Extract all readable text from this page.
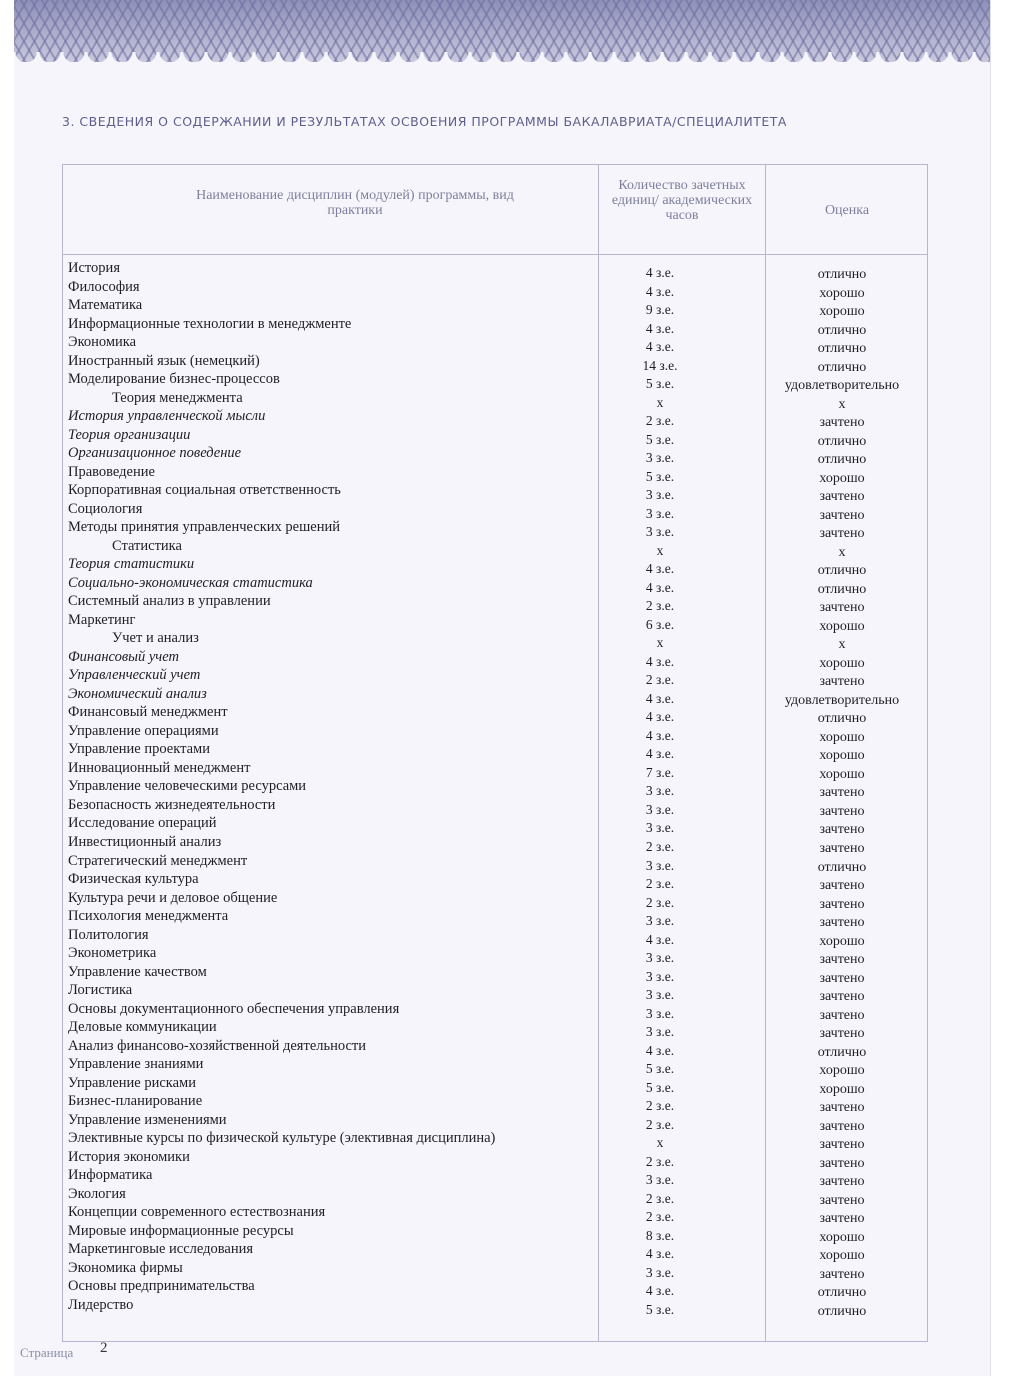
3. СВЕДЕНИЯ О СОДЕРЖАНИИ И РЕЗУЛЬТАТАХ ОСВОЕНИЯ ПРОГРАММЫ БАКАЛАВРИАТА/СПЕЦИАЛИТЕТА
Наименование дисциплин (модулей) программы, вид практики
Количество зачетных единиц/ академических часов	Оценка
История	4 з.е.	отлично
Философия	4 з.е.	хорошо
Математика	9 з.е.	хорошо
Информационные технологии в менеджменте	4 з.е.	отлично
Экономика	4 з.е.	отлично
Иностранный язык (немецкий)	14 з.е.	отлично
Моделирование бизнес-процессов	5 з.е.	удовлетворительно
Теория менеджмента	х	х
История управленческой мысли	2 з.е.	зачтено
Теория организации	5 з.е.	отлично
Организационное поведение	3 з.е.	отлично
Правоведение	5 з.е.	хорошо
Корпоративная социальная ответственность	3 з.е.	зачтено
Социология	3 з.е.	зачтено
Методы принятия управленческих решений	3 з.е.	зачтено
Статистика	х	х
Теория статистики	4 з.е.	отлично
Социально-экономическая статистика	4 з.е.	отлично
Системный анализ в управлении	2 з.е.	зачтено
Маркетинг	6 з.е.	хорошо
Учет и анализ	х	х
Финансовый учет	4 з.е.	хорошо
Управленческий учет	2 з.е.	зачтено
Экономический анализ	4 з.е.	удовлетворительно
Финансовый менеджмент	4 з.е.	отлично
Управление операциями	4 з.е.	хорошо
Управление проектами	4 з.е.	хорошо
Инновационный менеджмент	7 з.е.	хорошо
Управление человеческими ресурсами	3 з.е.	зачтено
Безопасность жизнедеятельности	3 з.е.	зачтено
Исследование операций	3 з.е.	зачтено
Инвестиционный анализ	2 з.е.	зачтено
Стратегический менеджмент	3 з.е.	отлично
Физическая культура	2 з.е.	зачтено
Культура речи и деловое общение	2 з.е.	зачтено
Психология менеджмента	3 з.е.	зачтено
Политология	4 з.е.	хорошо
Эконометрика	3 з.е.	зачтено
Управление качеством	3 з.е.	зачтено
Логистика	3 з.е.	зачтено
Основы документационного обеспечения управления	3 з.е.	зачтено
Деловые коммуникации	3 з.е.	зачтено
Анализ финансово-хозяйственной деятельности	4 з.е.	отлично
Управление знаниями	5 з.е.	хорошо
Управление рисками	5 з.е.	хорошо
Бизнес-планирование	2 з.е.	зачтено
Управление изменениями	2 з.е.	зачтено
Элективные курсы по физической культуре (элективная дисциплина)	х	зачтено
История экономики	2 з.е.	зачтено
Информатика	3 з.е.	зачтено
Экология	2 з.е.	зачтено
Концепции современного естествознания	2 з.е.	зачтено
Мировые информационные ресурсы	8 з.е.	хорошо
Маркетинговые исследования	4 з.е.	хорошо
Экономика фирмы	3 з.е.	зачтено
Основы предпринимательства	4 з.е.	отлично
Лидерство	5 з.е.	отлично
Страница 2
